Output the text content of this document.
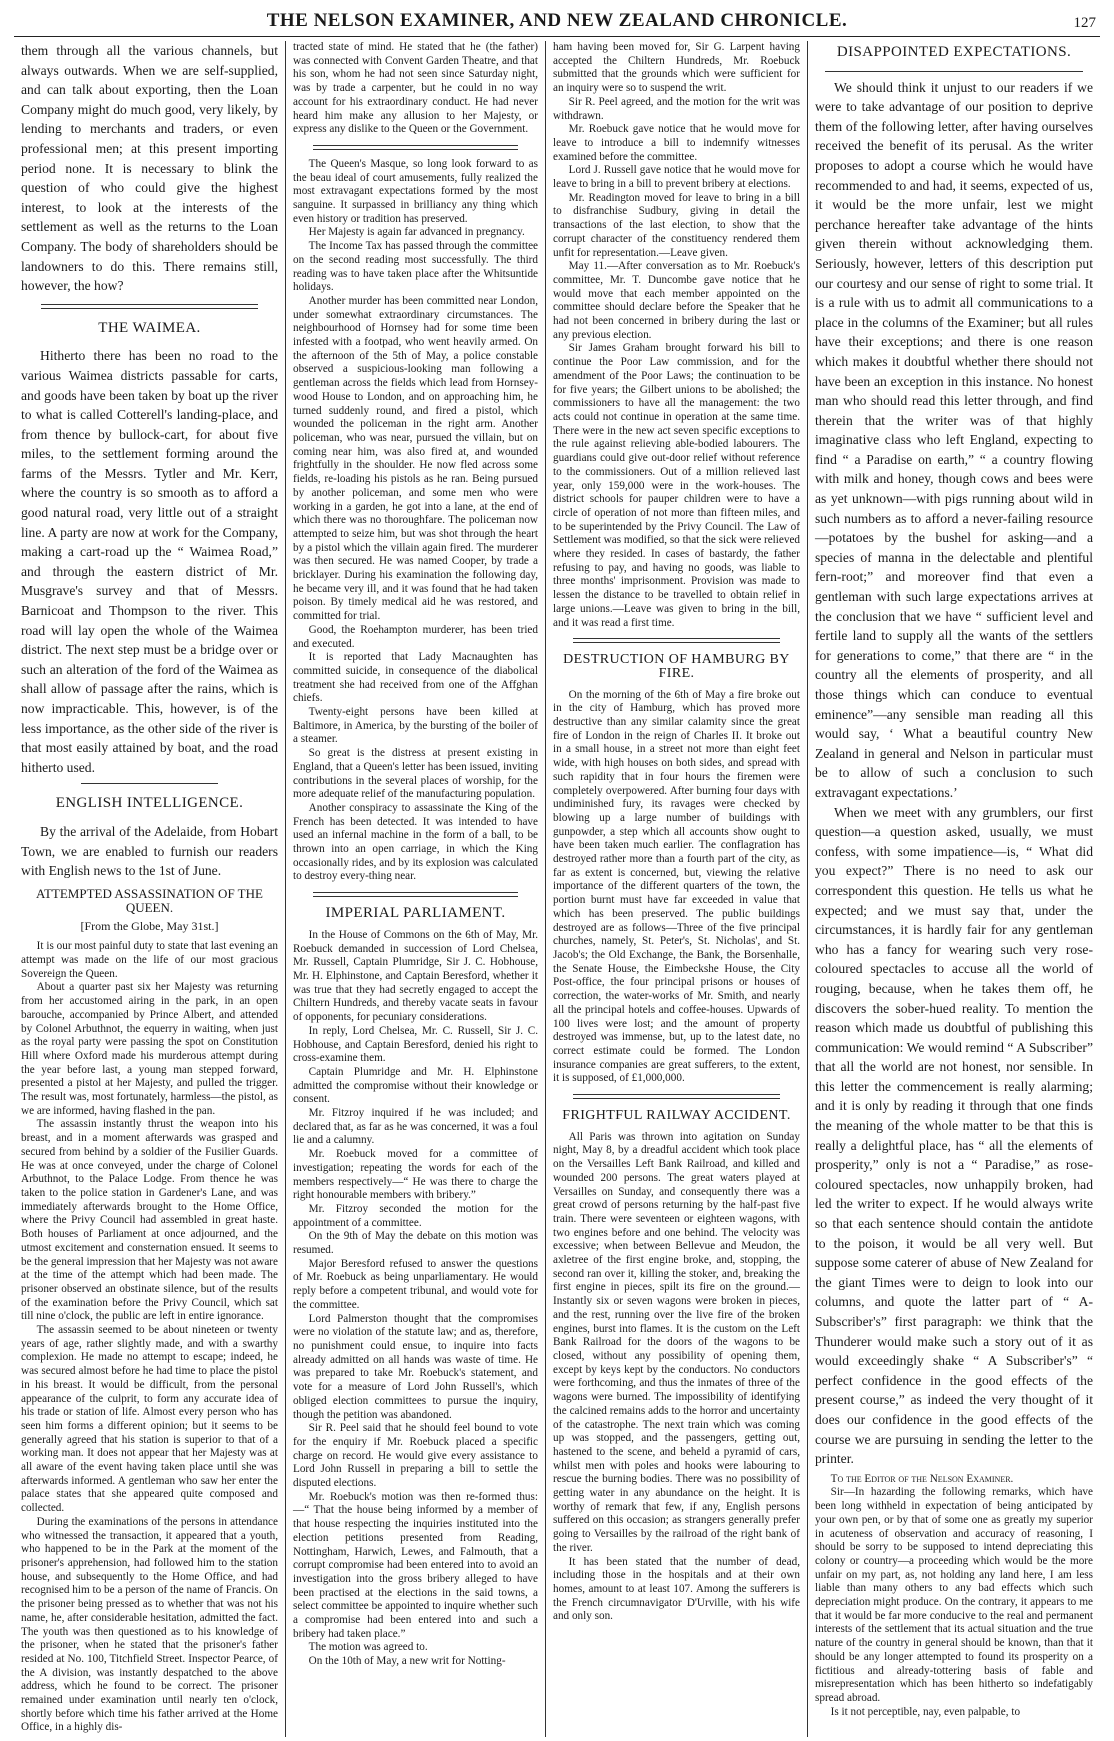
THE NELSON EXAMINER, AND NEW ZEALAND CHRONICLE.	127

them through all the various channels, but always outwards. When we are self-supplied, and can talk about exporting, then the Loan Company might do much good, very likely, by lending to merchants and traders, or even professional men; at this present importing period none. It is necessary to blink the question of who could give the highest interest, to look at the interests of the settlement as well as the returns to the Loan Company. The body of shareholders should be landowners to do this. There remains still, however, the how?

THE WAIMEA.

Hitherto there has been no road to the various Waimea districts passable for carts, and goods have been taken by boat up the river to what is called Cotterell's landing-place, and from thence by bullock-cart, for about five miles, to the settlement forming around the farms of the Messrs. Tytler and Mr. Kerr, where the country is so smooth as to afford a good natural road, very little out of a straight line. A party are now at work for the Company, making a cart-road up the “ Waimea Road,” and through the eastern district of Mr. Musgrave's survey and that of Messrs. Barnicoat and Thompson to the river. This road will lay open the whole of the Waimea district. The next step must be a bridge over or such an alteration of the ford of the Waimea as shall allow of passage after the rains, which is now impracticable. This, however, is of the less importance, as the other side of the river is that most easily attained by boat, and the road hitherto used.

ENGLISH INTELLIGENCE.

By the arrival of the Adelaide, from Hobart Town, we are enabled to furnish our readers with English news to the 1st of June.

ATTEMPTED ASSASSINATION OF THE QUEEN.
[From the Globe, May 31st.]

It is our most painful duty to state that last evening an attempt was made on the life of our most gracious Sovereign the Queen.

About a quarter past six her Majesty was returning from her accustomed airing in the park, in an open barouche, accompanied by Prince Albert, and attended by Colonel Arbuthnot, the equerry in waiting, when just as the royal party were passing the spot on Constitution Hill where Oxford made his murderous attempt during the year before last, a young man stepped forward, presented a pistol at her Majesty, and pulled the trigger. The result was, most fortunately, harmless—the pistol, as we are informed, having flashed in the pan.

The assassin instantly thrust the weapon into his breast, and in a moment afterwards was grasped and secured from behind by a soldier of the Fusilier Guards. He was at once conveyed, under the charge of Colonel Arbuthnot, to the Palace Lodge. From thence he was taken to the police station in Gardener's Lane, and was immediately afterwards brought to the Home Office, where the Privy Council had assembled in great haste. Both houses of Parliament at once adjourned, and the utmost excitement and consternation ensued. It seems to be the general impression that her Majesty was not aware at the time of the attempt which had been made. The prisoner observed an obstinate silence, but of the results of the examination before the Privy Council, which sat till nine o'clock, the public are left in entire ignorance.

The assassin seemed to be about nineteen or twenty years of age, rather slightly made, and with a swarthy complexion. He made no attempt to escape; indeed, he was secured almost before he had time to place the pistol in his breast. It would be difficult, from the personal appearance of the culprit, to form any accurate idea of his trade or station of life. Almost every person who has seen him forms a different opinion; but it seems to be generally agreed that his station is superior to that of a working man. It does not appear that her Majesty was at all aware of the event having taken place until she was afterwards informed. A gentleman who saw her enter the palace states that she appeared quite composed and collected.

During the examinations of the persons in attendance who witnessed the transaction, it appeared that a youth, who happened to be in the Park at the moment of the prisoner's apprehension, had followed him to the station house, and subsequently to the Home Office, and had recognised him to be a person of the name of Francis. On the prisoner being pressed as to whether that was not his name, he, after considerable hesitation, admitted the fact. The youth was then questioned as to his knowledge of the prisoner, when he stated that the prisoner's father resided at No. 100, Titchfield Street. Inspector Pearce, of the A division, was instantly despatched to the above address, which he found to be correct. The prisoner remained under examination until nearly ten o'clock, shortly before which time his father arrived at the Home Office, in a highly dis-

tracted state of mind. He stated that he (the father) was connected with Convent Garden Theatre, and that his son, whom he had not seen since Saturday night, was by trade a carpenter, but he could in no way account for his extraordinary conduct. He had never heard him make any allusion to her Majesty, or express any dislike to the Queen or the Government.

The Queen's Masque, so long look forward to as the beau ideal of court amusements, fully realized the most extravagant expectations formed by the most sanguine. It surpassed in brilliancy any thing which even history or tradition has preserved.

Her Majesty is again far advanced in pregnancy.

The Income Tax has passed through the committee on the second reading most successfully. The third reading was to have taken place after the Whitsuntide holidays.

Another murder has been committed near London, under somewhat extraordinary circumstances. The neighbourhood of Hornsey had for some time been infested with a footpad, who went heavily armed. On the afternoon of the 5th of May, a police constable observed a suspicious-looking man following a gentleman across the fields which lead from Hornsey-wood House to London, and on approaching him, he turned suddenly round, and fired a pistol, which wounded the policeman in the right arm. Another policeman, who was near, pursued the villain, but on coming near him, was also fired at, and wounded frightfully in the shoulder. He now fled across some fields, re-loading his pistols as he ran. Being pursued by another policeman, and some men who were working in a garden, he got into a lane, at the end of which there was no thoroughfare. The policeman now attempted to seize him, but was shot through the heart by a pistol which the villain again fired. The murderer was then secured. He was named Cooper, by trade a bricklayer. During his examination the following day, he became very ill, and it was found that he had taken poison. By timely medical aid he was restored, and committed for trial.

Good, the Roehampton murderer, has been tried and executed.

It is reported that Lady Macnaughten has committed suicide, in consequence of the diabolical treatment she had received from one of the Affghan chiefs.

Twenty-eight persons have been killed at Baltimore, in America, by the bursting of the boiler of a steamer.

So great is the distress at present existing in England, that a Queen's letter has been issued, inviting contributions in the several places of worship, for the more adequate relief of the manufacturing population.

Another conspiracy to assassinate the King of the French has been detected. It was intended to have used an infernal machine in the form of a ball, to be thrown into an open carriage, in which the King occasionally rides, and by its explosion was calculated to destroy every-thing near.

IMPERIAL PARLIAMENT.

In the House of Commons on the 6th of May, Mr. Roebuck demanded in succession of Lord Chelsea, Mr. Russell, Captain Plumridge, Sir J. C. Hobhouse, Mr. H. Elphinstone, and Captain Beresford, whether it was true that they had secretly engaged to accept the Chiltern Hundreds, and thereby vacate seats in favour of opponents, for pecuniary considerations.

In reply, Lord Chelsea, Mr. C. Russell, Sir J. C. Hobhouse, and Captain Beresford, denied his right to cross-examine them.

Captain Plumridge and Mr. H. Elphinstone admitted the compromise without their knowledge or consent.

Mr. Fitzroy inquired if he was included; and declared that, as far as he was concerned, it was a foul lie and a calumny.

Mr. Roebuck moved for a committee of investigation; repeating the words for each of the members respectively—“ He was there to charge the right honourable members with bribery.”

Mr. Fitzroy seconded the motion for the appointment of a committee.

On the 9th of May the debate on this motion was resumed.

Major Beresford refused to answer the questions of Mr. Roebuck as being unparliamentary. He would reply before a competent tribunal, and would vote for the committee.

Lord Palmerston thought that the compromises were no violation of the statute law; and as, therefore, no punishment could ensue, to inquire into facts already admitted on all hands was waste of time. He was prepared to take Mr. Roebuck's statement, and vote for a measure of Lord John Russell's, which obliged election committees to pursue the inquiry, though the petition was abandoned.

Sir R. Peel said that he should feel bound to vote for the enquiry if Mr. Roebuck placed a specific charge on record. He would give every assistance to Lord John Russell in preparing a bill to settle the disputed elections.

Mr. Roebuck's motion was then re-formed thus:—“ That the house being informed by a member of that house respecting the inquiries instituted into the election petitions presented from Reading, Nottingham, Harwich, Lewes, and Falmouth, that a corrupt compromise had been entered into to avoid an investigation into the gross bribery alleged to have been practised at the elections in the said towns, a select committee be appointed to inquire whether such a compromise had been entered into and such a bribery had taken place.”

The motion was agreed to.

On the 10th of May, a new writ for Notting-

ham having been moved for, Sir G. Larpent having accepted the Chiltern Hundreds, Mr. Roebuck submitted that the grounds which were sufficient for an inquiry were so to suspend the writ.

Sir R. Peel agreed, and the motion for the writ was withdrawn.

Mr. Roebuck gave notice that he would move for leave to introduce a bill to indemnify witnesses examined before the committee.

Lord J. Russell gave notice that he would move for leave to bring in a bill to prevent bribery at elections.

Mr. Readington moved for leave to bring in a bill to disfranchise Sudbury, giving in detail the transactions of the last election, to show that the corrupt character of the constituency rendered them unfit for representation.—Leave given.

May 11.—After conversation as to Mr. Roebuck's committee, Mr. T. Duncombe gave notice that he would move that each member appointed on the committee should declare before the Speaker that he had not been concerned in bribery during the last or any previous election.

Sir James Graham brought forward his bill to continue the Poor Law commission, and for the amendment of the Poor Laws; the continuation to be for five years; the Gilbert unions to be abolished; the commissioners to have all the management: the two acts could not continue in operation at the same time. There were in the new act seven specific exceptions to the rule against relieving able-bodied labourers. The guardians could give out-door relief without reference to the commissioners. Out of a million relieved last year, only 159,000 were in the work-houses. The district schools for pauper children were to have a circle of operation of not more than fifteen miles, and to be superintended by the Privy Council. The Law of Settlement was modified, so that the sick were relieved where they resided. In cases of bastardy, the father refusing to pay, and having no goods, was liable to three months' imprisonment. Provision was made to lessen the distance to be travelled to obtain relief in large unions.—Leave was given to bring in the bill, and it was read a first time.

DESTRUCTION OF HAMBURG BY FIRE.

On the morning of the 6th of May a fire broke out in the city of Hamburg, which has proved more destructive than any similar calamity since the great fire of London in the reign of Charles II. It broke out in a small house, in a street not more than eight feet wide, with high houses on both sides, and spread with such rapidity that in four hours the firemen were completely overpowered. After burning four days with undiminished fury, its ravages were checked by blowing up a large number of buildings with gunpowder, a step which all accounts show ought to have been taken much earlier. The conflagration has destroyed rather more than a fourth part of the city, as far as extent is concerned, but, viewing the relative importance of the different quarters of the town, the portion burnt must have far exceeded in value that which has been preserved. The public buildings destroyed are as follows—Three of the five principal churches, namely, St. Peter's, St. Nicholas', and St. Jacob's; the Old Exchange, the Bank, the Borsenhalle, the Senate House, the Eimbeckshe House, the City Post-office, the four principal prisons or houses of correction, the water-works of Mr. Smith, and nearly all the principal hotels and coffee-houses. Upwards of 100 lives were lost; and the amount of property destroyed was immense, but, up to the latest date, no correct estimate could be formed. The London insurance companies are great sufferers, to the extent, it is supposed, of £1,000,000.

FRIGHTFUL RAILWAY ACCIDENT.

All Paris was thrown into agitation on Sunday night, May 8, by a dreadful accident which took place on the Versailles Left Bank Railroad, and killed and wounded 200 persons. The great waters played at Versailles on Sunday, and consequently there was a great crowd of persons returning by the half-past five train. There were seventeen or eighteen wagons, with two engines before and one behind. The velocity was excessive; when between Bellevue and Meudon, the axletree of the first engine broke, and, stopping, the second ran over it, killing the stoker, and, breaking the first engine in pieces, spilt its fire on the ground.—Instantly six or seven wagons were broken in pieces, and the rest, running over the live fire of the broken engines, burst into flames. It is the custom on the Left Bank Railroad for the doors of the wagons to be closed, without any possibility of opening them, except by keys kept by the conductors. No conductors were forthcoming, and thus the inmates of three of the wagons were burned. The impossibility of identifying the calcined remains adds to the horror and uncertainty of the catastrophe. The next train which was coming up was stopped, and the passengers, getting out, hastened to the scene, and beheld a pyramid of cars, whilst men with poles and hooks were labouring to rescue the burning bodies. There was no possibility of getting water in any abundance on the height. It is worthy of remark that few, if any, English persons suffered on this occasion; as strangers generally prefer going to Versailles by the railroad of the right bank of the river.

It has been stated that the number of dead, including those in the hospitals and at their own homes, amount to at least 107. Among the sufferers is the French circumnavigator D'Urville, with his wife and only son.

DISAPPOINTED EXPECTATIONS.

We should think it unjust to our readers if we were to take advantage of our position to deprive them of the following letter, after having ourselves received the benefit of its perusal. As the writer proposes to adopt a course which he would have recommended to and had, it seems, expected of us, it would be the more unfair, lest we might perchance hereafter take advantage of the hints given therein without acknowledging them. Seriously, however, letters of this description put our courtesy and our sense of right to some trial. It is a rule with us to admit all communications to a place in the columns of the Examiner; but all rules have their exceptions; and there is one reason which makes it doubtful whether there should not have been an exception in this instance. No honest man who should read this letter through, and find therein that the writer was of that highly imaginative class who left England, expecting to find “ a Paradise on earth,” “ a country flowing with milk and honey, though cows and bees were as yet unknown—with pigs running about wild in such numbers as to afford a never-failing resource—potatoes by the bushel for asking—and a species of manna in the delectable and plentiful fern-root;” and moreover find that even a gentleman with such large expectations arrives at the conclusion that we have “ sufficient level and fertile land to supply all the wants of the settlers for generations to come,” that there are “ in the country all the elements of prosperity, and all those things which can conduce to eventual eminence”—any sensible man reading all this would say, ‘ What a beautiful country New Zealand in general and Nelson in particular must be to allow of such a conclusion to such extravagant expectations.’

When we meet with any grumblers, our first question—a question asked, usually, we must confess, with some impatience—is, “ What did you expect?” There is no need to ask our correspondent this question. He tells us what he expected; and we must say that, under the circumstances, it is hardly fair for any gentleman who has a fancy for wearing such very rose-coloured spectacles to accuse all the world of rouging, because, when he takes them off, he discovers the sober-hued reality. To mention the reason which made us doubtful of publishing this communication: We would remind “ A Subscriber” that all the world are not honest, nor sensible. In this letter the commencement is really alarming; and it is only by reading it through that one finds the meaning of the whole matter to be that this is really a delightful place, has “ all the elements of prosperity,” only is not a “ Paradise,” as rose-coloured spectacles, now unhappily broken, had led the writer to expect. If he would always write so that each sentence should contain the antidote to the poison, it would be all very well. But suppose some caterer of abuse of New Zealand for the giant Times were to deign to look into our columns, and quote the latter part of “ A-Subscriber's” first paragraph: we think that the Thunderer would make such a story out of it as would exceedingly shake “ A Subscriber's” “ perfect confidence in the good effects of the present course,” as indeed the very thought of it does our confidence in the good effects of the course we are pursuing in sending the letter to the printer.

To the Editor of the Nelson Examiner.

Sir—In hazarding the following remarks, which have been long withheld in expectation of being anticipated by your own pen, or by that of some one as greatly my superior in acuteness of observation and accuracy of reasoning, I should be sorry to be supposed to intend depreciating this colony or country—a proceeding which would be the more unfair on my part, as, not holding any land here, I am less liable than many others to any bad effects which such depreciation might produce. On the contrary, it appears to me that it would be far more conducive to the real and permanent interests of the settlement that its actual situation and the true nature of the country in general should be known, than that it should be any longer attempted to found its prosperity on a fictitious and already-tottering basis of fable and misrepresentation which has been hitherto so indefatigably spread abroad.

Is it not perceptible, nay, even palpable, to
